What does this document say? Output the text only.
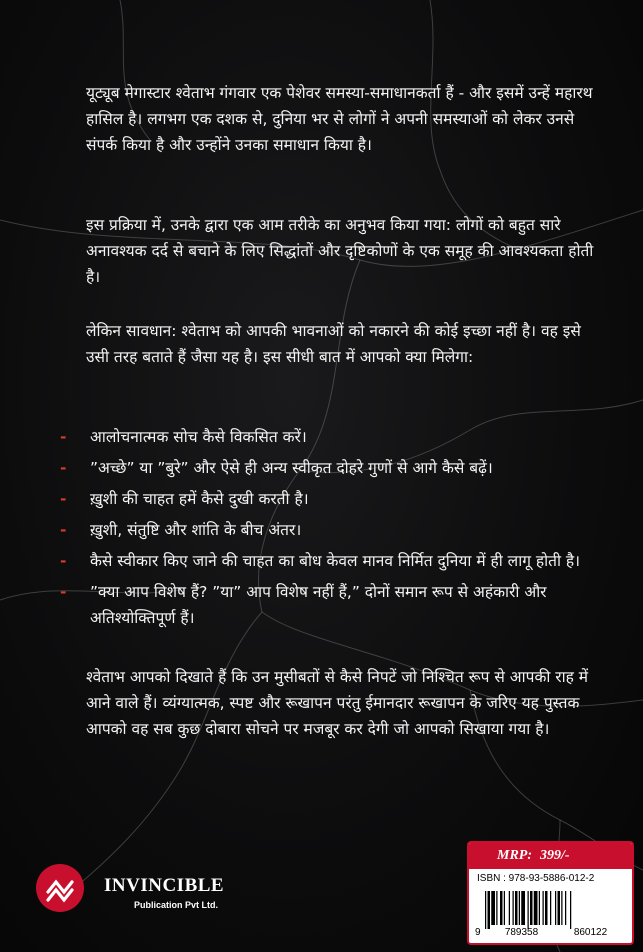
यूट्यूब मेगास्टार श्वेताभ गंगवार एक पेशेवर समस्या-समाधानकर्ता हैं - और इसमें उन्हें महारथ हासिल है। लगभग एक दशक से, दुनिया भर से लोगों ने अपनी समस्याओं को लेकर उनसे संपर्क किया है और उन्होंने उनका समाधान किया है।
इस प्रक्रिया में, उनके द्वारा एक आम तरीके का अनुभव किया गया: लोगों को बहुत सारे अनावश्यक दर्द से बचाने के लिए सिद्धांतों और दृष्टिकोणों के एक समूह की आवश्यकता होती है।
लेकिन सावधान: श्वेताभ को आपकी भावनाओं को नकारने की कोई इच्छा नहीं है। वह इसे उसी तरह बताते हैं जैसा यह है। इस सीधी बात में आपको क्या मिलेगा:
-	आलोचनात्मक सोच कैसे विकसित करें।
-	”अच्छे” या ”बुरे” और ऐसे ही अन्य स्वीकृत दोहरे गुणों से आगे कैसे बढ़ें।
-	ख़ुशी की चाहत हमें कैसे दुखी करती है।
-	ख़ुशी, संतुष्टि और शांति के बीच अंतर।
-	कैसे स्वीकार किए जाने की चाहत का बोध केवल मानव निर्मित दुनिया में ही लागू होती है।
-	”क्या आप विशेष हैं? ”या” आप विशेष नहीं हैं,” दोनों समान रूप से अहंकारी और अतिश्योक्तिपूर्ण हैं।
श्वेताभ आपको दिखाते हैं कि उन मुसीबतों से कैसे निपटें जो निश्चित रूप से आपकी राह में आने वाले हैं। व्यंग्यात्मक, स्पष्ट और रूखापन परंतु ईमानदार रूखापन के जरिए यह पुस्तक आपको वह सब कुछ दोबारा सोचने पर मजबूर कर देगी जो आपको सिखाया गया है।
INVINCIBLE
Publication Pvt Ltd.
MRP: 399/-
ISBN : 978-93-5886-012-2
9	789358	860122
